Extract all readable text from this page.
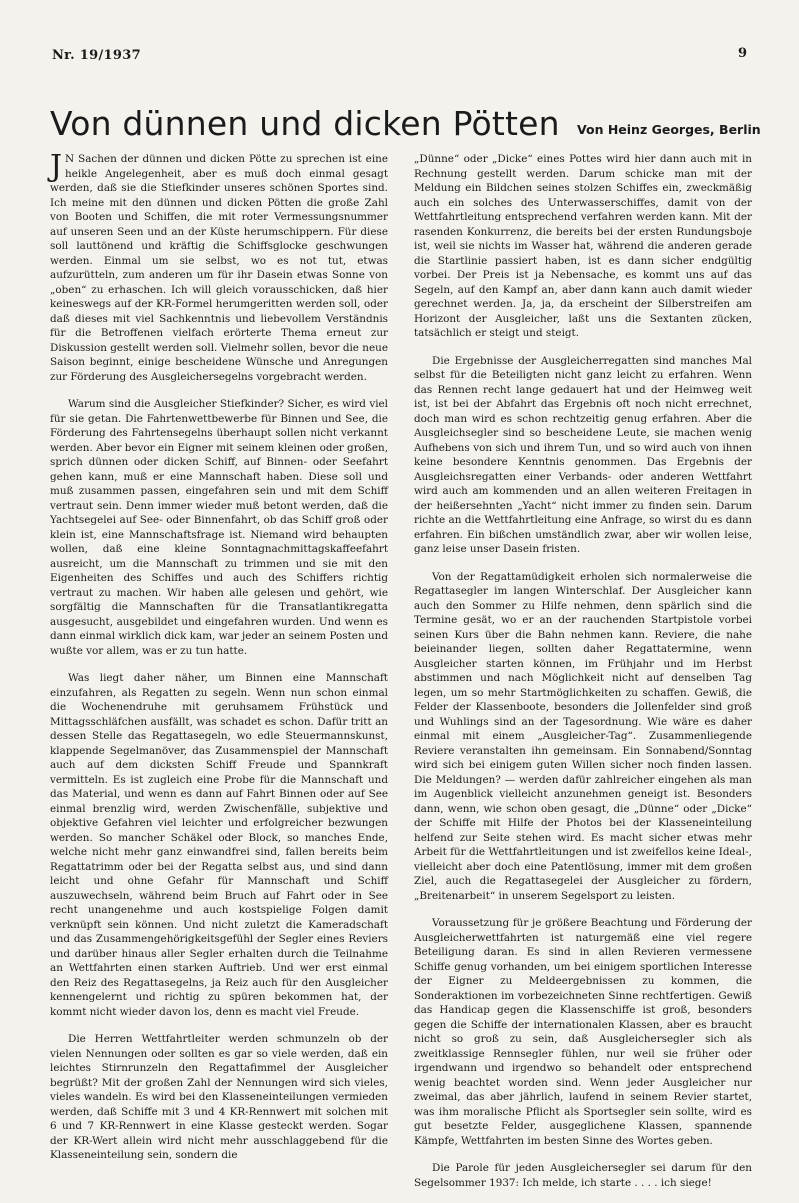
Nr. 19/1937	9
Von dünnen und dicken Pötten Von Heinz Georges, Berlin

J N Sachen der dünnen und dicken Pötte zu sprechen ist eine heikle Angelegenheit, aber es muß doch einmal gesagt werden, daß sie die Stiefkinder unseres schönen Sportes sind. Ich meine mit den dünnen und dicken Pötten die große Zahl von Booten und Schiffen, die mit roter Vermessungsnummer auf unseren Seen und an der Küste herumschippern. Für diese soll lauttönend und kräftig die Schiffsglocke geschwungen werden. Einmal um sie selbst, wo es not tut, etwas aufzurütteln, zum anderen um für ihr Dasein etwas Sonne von „oben“ zu erhaschen. Ich will gleich vorausschicken, daß hier keineswegs auf der KR-Formel herumgeritten werden soll, oder daß dieses mit viel Sachkenntnis und liebevollem Verständnis für die Betroffenen vielfach erörterte Thema erneut zur Diskussion gestellt werden soll. Vielmehr sollen, bevor die neue Saison beginnt, einige bescheidene Wünsche und Anregungen zur Förderung des Ausgleichersegelns vorgebracht werden.

Warum sind die Ausgleicher Stiefkinder? Sicher, es wird viel für sie getan. Die Fahrtenwettbewerbe für Binnen und See, die Förderung des Fahrtensegelns überhaupt sollen nicht verkannt werden. Aber bevor ein Eigner mit seinem kleinen oder großen, sprich dünnen oder dicken Schiff, auf Binnen- oder Seefahrt gehen kann, muß er eine Mannschaft haben. Diese soll und muß zusammen passen, eingefahren sein und mit dem Schiff vertraut sein. Denn immer wieder muß betont werden, daß die Yachtsegelei auf See- oder Binnenfahrt, ob das Schiff groß oder klein ist, eine Mannschaftsfrage ist. Niemand wird behaupten wollen, daß eine kleine Sonntagnachmittagskaffeefahrt ausreicht, um die Mannschaft zu trimmen und sie mit den Eigenheiten des Schiffes und auch des Schiffers richtig vertraut zu machen. Wir haben alle gelesen und gehört, wie sorgfältig die Mannschaften für die Transatlantikregatta ausgesucht, ausgebildet und eingefahren wurden. Und wenn es dann einmal wirklich dick kam, war jeder an seinem Posten und wußte vor allem, was er zu tun hatte.

Was liegt daher näher, um Binnen eine Mannschaft einzufahren, als Regatten zu segeln. Wenn nun schon einmal die Wochenendruhe mit geruhsamem Frühstück und Mittagsschläfchen ausfällt, was schadet es schon. Dafür tritt an dessen Stelle das Regattasegeln, wo edle Steuermannskunst, klappende Segelmanöver, das Zusammenspiel der Mannschaft auch auf dem dicksten Schiff Freude und Spannkraft vermitteln. Es ist zugleich eine Probe für die Mannschaft und das Material, und wenn es dann auf Fahrt Binnen oder auf See einmal brenzlig wird, werden Zwischenfälle, subjektive und objektive Gefahren viel leichter und erfolgreicher bezwungen werden. So mancher Schäkel oder Block, so manches Ende, welche nicht mehr ganz einwandfrei sind, fallen bereits beim Regattatrimm oder bei der Regatta selbst aus, und sind dann leicht und ohne Gefahr für Mannschaft und Schiff auszuwechseln, während beim Bruch auf Fahrt oder in See recht unangenehme und auch kostspielige Folgen damit verknüpft sein können. Und nicht zuletzt die Kameradschaft und das Zusammengehörigkeitsgefühl der Segler eines Reviers und darüber hinaus aller Segler erhalten durch die Teilnahme an Wettfahrten einen starken Auftrieb. Und wer erst einmal den Reiz des Regattasegelns, ja Reiz auch für den Ausgleicher kennengelernt und richtig zu spüren bekommen hat, der kommt nicht wieder davon los, denn es macht viel Freude.

Die Herren Wettfahrtleiter werden schmunzeln ob der vielen Nennungen oder sollten es gar so viele werden, daß ein leichtes Stirnrunzeln den Regattafimmel der Ausgleicher begrüßt? Mit der großen Zahl der Nennungen wird sich vieles, vieles wandeln. Es wird bei den Klasseneinteilungen vermieden werden, daß Schiffe mit 3 und 4 KR-Rennwert mit solchen mit 6 und 7 KR-Rennwert in eine Klasse gesteckt werden. Sogar der KR-Wert allein wird nicht mehr ausschlaggebend für die Klasseneinteilung sein, sondern die

„Dünne“ oder „Dicke“ eines Pottes wird hier dann auch mit in Rechnung gestellt werden. Darum schicke man mit der Meldung ein Bildchen seines stolzen Schiffes ein, zweckmäßig auch ein solches des Unterwasserschiffes, damit von der Wettfahrtleitung entsprechend verfahren werden kann. Mit der rasenden Konkurrenz, die bereits bei der ersten Rundungsboje ist, weil sie nichts im Wasser hat, während die anderen gerade die Startlinie passiert haben, ist es dann sicher endgültig vorbei. Der Preis ist ja Nebensache, es kommt uns auf das Segeln, auf den Kampf an, aber dann kann auch damit wieder gerechnet werden. Ja, ja, da erscheint der Silberstreifen am Horizont der Ausgleicher, laßt uns die Sextanten zücken, tatsächlich er steigt und steigt.

Die Ergebnisse der Ausgleicherregatten sind manches Mal selbst für die Beteiligten nicht ganz leicht zu erfahren. Wenn das Rennen recht lange gedauert hat und der Heimweg weit ist, ist bei der Abfahrt das Ergebnis oft noch nicht errechnet, doch man wird es schon rechtzeitig genug erfahren. Aber die Ausgleichsegler sind so bescheidene Leute, sie machen wenig Aufhebens von sich und ihrem Tun, und so wird auch von ihnen keine besondere Kenntnis genommen. Das Ergebnis der Ausgleichsregatten einer Verbands- oder anderen Wettfahrt wird auch am kommenden und an allen weiteren Freitagen in der heißersehnten „Yacht“ nicht immer zu finden sein. Darum richte an die Wettfahrtleitung eine Anfrage, so wirst du es dann erfahren. Ein bißchen umständlich zwar, aber wir wollen leise, ganz leise unser Dasein fristen.

Von der Regattamüdigkeit erholen sich normalerweise die Regattasegler im langen Winterschlaf. Der Ausgleicher kann auch den Sommer zu Hilfe nehmen, denn spärlich sind die Termine gesät, wo er an der rauchenden Startpistole vorbei seinen Kurs über die Bahn nehmen kann. Reviere, die nahe beieinander liegen, sollten daher Regattatermine, wenn Ausgleicher starten können, im Frühjahr und im Herbst abstimmen und nach Möglichkeit nicht auf denselben Tag legen, um so mehr Startmöglichkeiten zu schaffen. Gewiß, die Felder der Klassenboote, besonders die Jollenfelder sind groß und Wuhlings sind an der Tagesordnung. Wie wäre es daher einmal mit einem „Ausgleicher-Tag“. Zusammenliegende Reviere veranstalten ihn gemeinsam. Ein Sonnabend/Sonntag wird sich bei einigem guten Willen sicher noch finden lassen. Die Meldungen? — werden dafür zahlreicher eingehen als man im Augenblick vielleicht anzunehmen geneigt ist. Besonders dann, wenn, wie schon oben gesagt, die „Dünne“ oder „Dicke“ der Schiffe mit Hilfe der Photos bei der Klasseneinteilung helfend zur Seite stehen wird. Es macht sicher etwas mehr Arbeit für die Wettfahrtleitungen und ist zweifellos keine Ideal-, vielleicht aber doch eine Patentlösung, immer mit dem großen Ziel, auch die Regattasegelei der Ausgleicher zu fördern, „Breitenarbeit“ in unserem Segelsport zu leisten.

Voraussetzung für je größere Beachtung und Förderung der Ausgleicherwettfahrten ist naturgemäß eine viel regere Beteiligung daran. Es sind in allen Revieren vermessene Schiffe genug vorhanden, um bei einigem sportlichen Interesse der Eigner zu Meldeergebnissen zu kommen, die Sonderaktionen im vorbezeichneten Sinne rechtfertigen. Gewiß das Handicap gegen die Klassenschiffe ist groß, besonders gegen die Schiffe der internationalen Klassen, aber es braucht nicht so groß zu sein, daß Ausgleichersegler sich als zweitklassige Rennsegler fühlen, nur weil sie früher oder irgendwann und irgendwo so behandelt oder entsprechend wenig beachtet worden sind. Wenn jeder Ausgleicher nur zweimal, das aber jährlich, laufend in seinem Revier startet, was ihm moralische Pflicht als Sportsegler sein sollte, wird es gut besetzte Felder, ausgeglichene Klassen, spannende Kämpfe, Wettfahrten im besten Sinne des Wortes geben.

Die Parole für jeden Ausgleichersegler sei darum für den Segelsommer 1937: Ich melde, ich starte . . . . ich siege!
